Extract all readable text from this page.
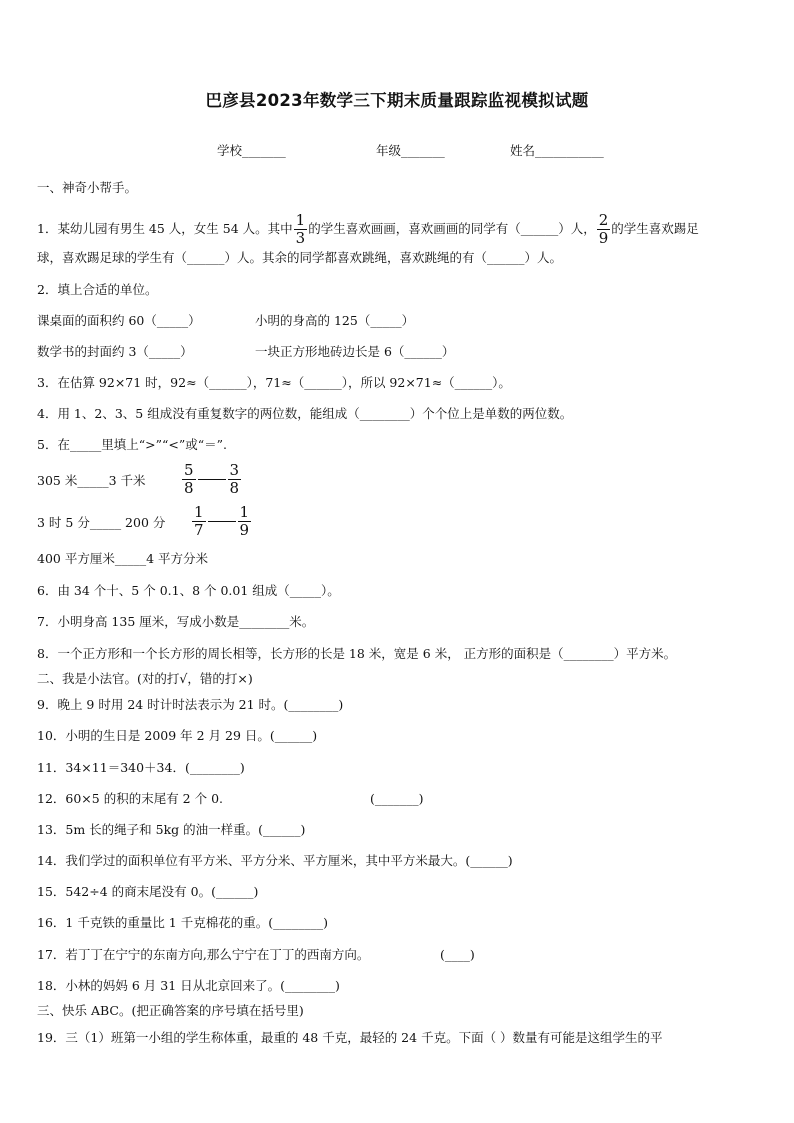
巴彦县2023年数学三下期末质量跟踪监视模拟试题
学校_______	年级_______	姓名___________
一、神奇小帮手。
1．某幼儿园有男生 45 人，女生 54 人。其中 $\frac{1}{3}$ 的学生喜欢画画，喜欢画画的同学有（______）人， $\frac{2}{9}$ 的学生喜欢踢足
球，喜欢踢足球的学生有（______）人。其余的同学都喜欢跳绳，喜欢跳绳的有（______）人。
2．填上合适的单位。
课桌面的面积约 60（_____）	小明的身高的 125（_____）
数学书的封面约 3（_____）	一块正方形地砖边长是 6（______）
3．在估算 92×71 时，92≈（______），71≈（______），所以 92×71≈（______）。
4．用 1、2、3、5 组成没有重复数字的两位数，能组成（________）个个位上是单数的两位数。
5．在_____里填上“>”“<”或“＝”.
305 米_____3 千米 $\frac{5}{8} \frac{3}{8}$
3 时 5 分_____ 200 分 $\frac{1}{7} \frac{1}{9}$
400 平方厘米_____4 平方分米
6．由 34 个十、5 个 0.1、8 个 0.01 组成（_____）。
7．小明身高 135 厘米，写成小数是________米。
8．一个正方形和一个长方形的周长相等，长方形的长是 18 米，宽是 6 米， 正方形的面积是（________）平方米。
二、我是小法官。(对的打√，错的打×)
9．晚上 9 时用 24 时计时法表示为 21 时。(________)
10．小明的生日是 2009 年 2 月 29 日。(______)
11．34×11＝340＋34．(________)
12．60×5 的积的末尾有 2 个 0.	(_______)
13．5m 长的绳子和 5kg 的油一样重。(______)
14．我们学过的面积单位有平方米、平方分米、平方厘米，其中平方米最大。(______)
15．542÷4 的商末尾没有 0。(______)
16．1 千克铁的重量比 1 千克棉花的重。(________)
17．若丁丁在宁宁的东南方向,那么宁宁在丁丁的西南方向。	(____)
18．小林的妈妈 6 月 31 日从北京回来了。(________)
三、快乐 ABC。(把正确答案的序号填在括号里)
19．三（1）班第一小组的学生称体重，最重的 48 千克，最轻的 24 千克。下面（ ）数量有可能是这组学生的平
